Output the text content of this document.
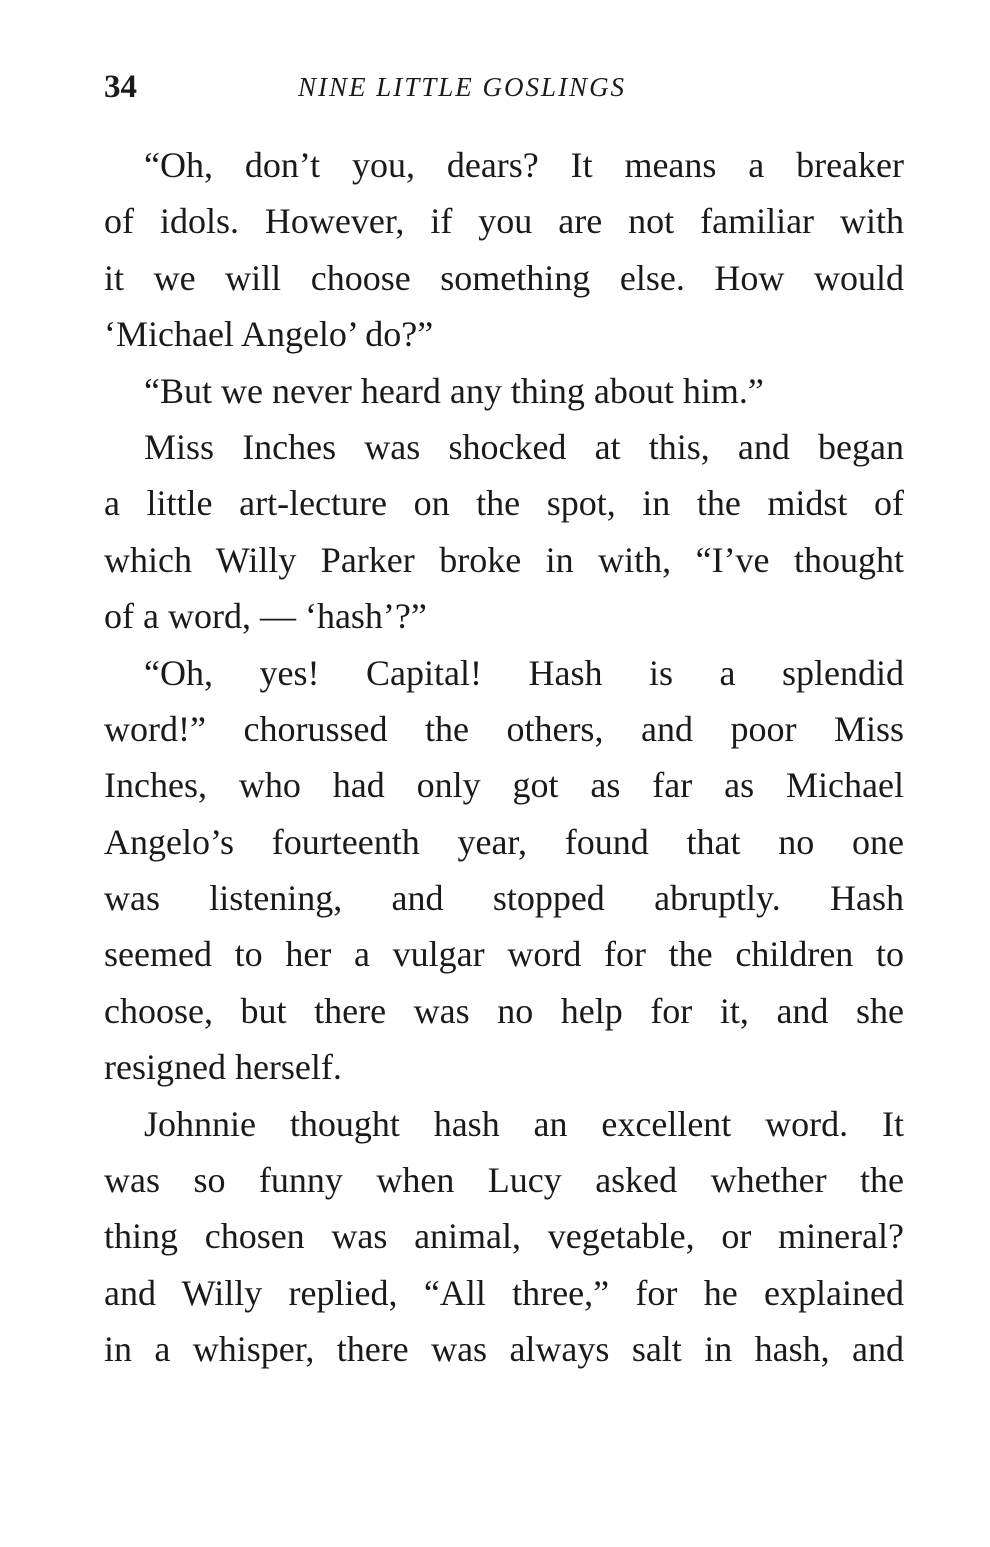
34	NINE LITTLE GOSLINGS
“Oh, don’t you, dears? It means a breaker
of idols. However, if you are not familiar with
it we will choose something else. How would
‘Michael Angelo’ do?”
“But we never heard any thing about him.”
Miss Inches was shocked at this, and began
a little art-lecture on the spot, in the midst of
which Willy Parker broke in with, “I’ve thought
of a word, — ‘hash’?”
“Oh, yes! Capital! Hash is a splendid
word!” chorussed the others, and poor Miss
Inches, who had only got as far as Michael
Angelo’s fourteenth year, found that no one
was listening, and stopped abruptly. Hash
seemed to her a vulgar word for the children to
choose, but there was no help for it, and she
resigned herself.
Johnnie thought hash an excellent word. It
was so funny when Lucy asked whether the
thing chosen was animal, vegetable, or mineral?
and Willy replied, “All three,” for he explained
in a whisper, there was always salt in hash, and
